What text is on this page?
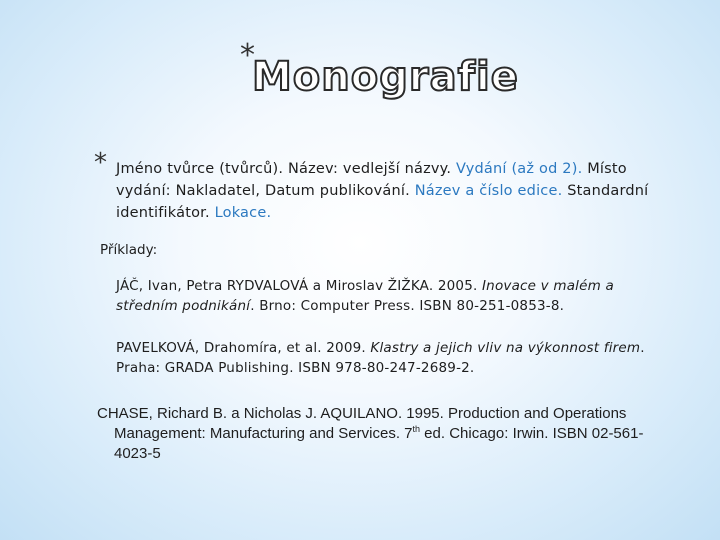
*
Monografie
* Jméno tvůrce (tvůrců). Název: vedlejší názvy. Vydání (až od 2). Místo vydání: Nakladatel, Datum publikování. Název a číslo edice. Standardní identifikátor. Lokace.
Příklady:
JÁČ, Ivan, Petra RYDVALOVÁ a Miroslav ŽIŽKA. 2005. Inovace v malém a středním podnikání. Brno: Computer Press. ISBN 80-251-0853-8.
PAVELKOVÁ, Drahomíra, et al. 2009. Klastry a jejich vliv na výkonnost firem. Praha: GRADA Publishing. ISBN 978-80-247-2689-2.
CHASE, Richard B. a Nicholas J. AQUILANO. 1995. Production and Operations Management: Manufacturing and Services. 7th ed. Chicago: Irwin. ISBN 02-561-4023-5
